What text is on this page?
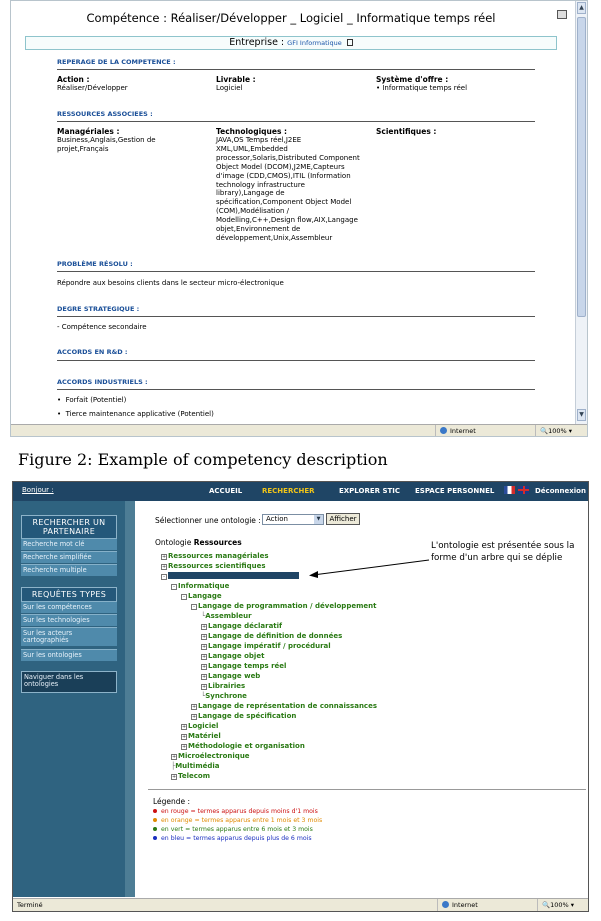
Compétence : Réaliser/Développer _ Logiciel _ Informatique temps réel
Entreprise : GFI Informatique
REPERAGE DE LA COMPETENCE :
Action :
Réaliser/Développer
Livrable :
Logiciel
Système d'offre :
• Informatique temps réel
RESSOURCES ASSOCIEES :
Managériales :
Business,Anglais,Gestion de
projet,Français
Technologiques :
JAVA,OS Temps réel,J2EE
XML,UML,Embedded
processor,Solaris,Distributed Component
Object Model (DCOM),J2ME,Capteurs
d'image (CDD,CMOS),ITIL (Information
technology infrastructure
library),Langage de
spécification,Component Object Model
(COM),Modélisation /
Modelling,C++,Design flow,AIX,Langage
objet,Environnement de
développement,Unix,Assembleur
Scientifiques :
PROBLÈME RÉSOLU :
Répondre aux besoins clients dans le secteur micro-électronique
DEGRE STRATEGIQUE :
- Compétence secondaire
ACCORDS EN R&D :
ACCORDS INDUSTRIELS :
•  Forfait (Potentiel)
•  Tierce maintenance applicative (Potentiel)
▲
▼
Internet	🔍100% ▾
Figure 2: Example of competency description
Bonjour :	ACCUEIL	RECHERCHER	EXPLORER STIC ESPACE PERSONNEL	Déconnexion
RECHERCHER UN PARTENAIRE
Recherche mot clé
Recherche simplifiée
Recherche multiple
REQUÊTES TYPES
Sur les compétences
Sur les technologies
Sur les acteurs cartographiés
Sur les ontologies
Naviguer dans les ontologies
Sélectionner une ontologie : Action	▼	Afficher
Ontologie Ressources
+ Ressources managériales
+ Ressources scientifiques
-
- Informatique
- Langage
- Langage de programmation / développement
└Assembleur
+ Langage déclaratif
+ Langage de définition de données
+ Langage impératif / procédural
+ Langage objet
+ Langage temps réel
+ Langage web
+ Librairies
└Synchrone
+ Langage de représentation de connaissances
+ Langage de spécification
+ Logiciel
+ Matériel
+ Méthodologie et organisation
+ Microélectronique
├Multimédia
+ Telecom
L'ontologie est présentée sous la forme d'un arbre qui se déplie
Légende :
en rouge = termes apparus depuis moins d'1 mois
en orange = termes apparus entre 1 mois et 3 mois
en vert = termes apparus entre 6 mois et 3 mois
en bleu = termes apparus depuis plus de 6 mois
Terminé	Internet	🔍100% ▾
